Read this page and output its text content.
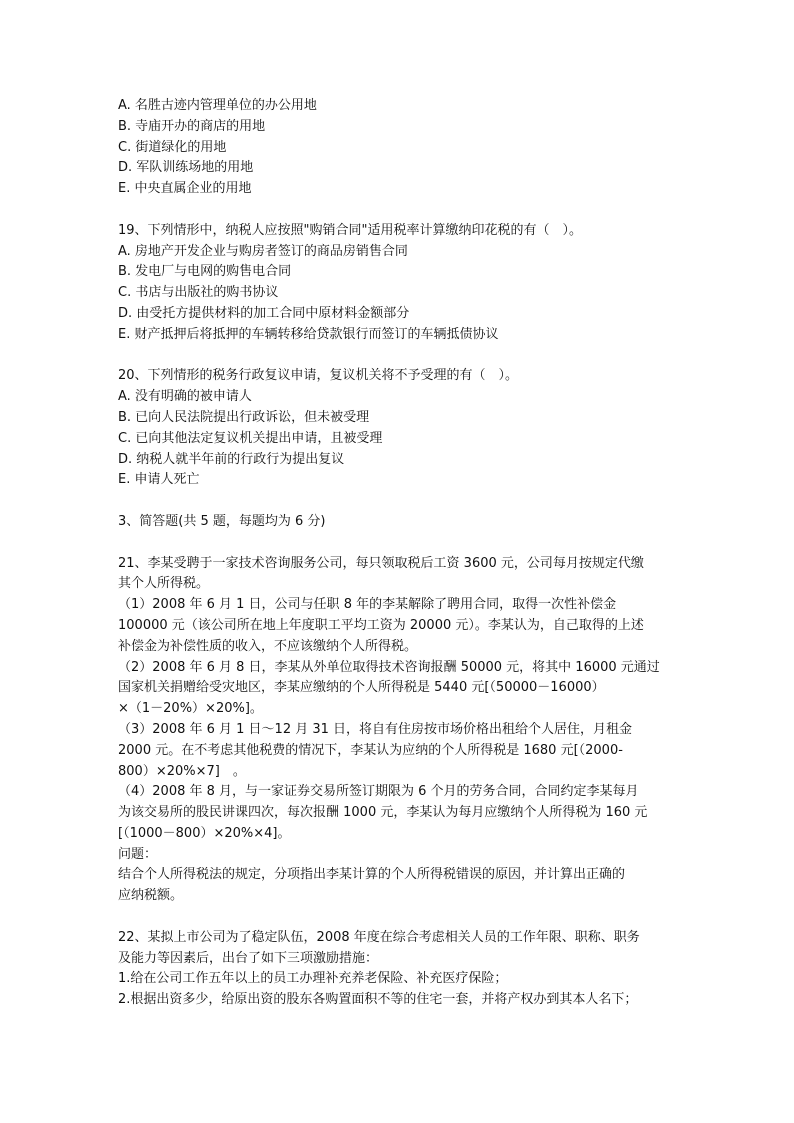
A. 名胜古迹内管理单位的办公用地
B. 寺庙开办的商店的用地
C. 街道绿化的用地
D. 军队训练场地的用地
E. 中央直属企业的用地
19、下列情形中，纳税人应按照"购销合同"适用税率计算缴纳印花税的有（　）。
A. 房地产开发企业与购房者签订的商品房销售合同
B. 发电厂与电网的购售电合同
C. 书店与出版社的购书协议
D. 由受托方提供材料的加工合同中原材料金额部分
E. 财产抵押后将抵押的车辆转移给贷款银行而签订的车辆抵债协议
20、下列情形的税务行政复议申请，复议机关将不予受理的有（　）。
A. 没有明确的被申请人
B. 已向人民法院提出行政诉讼，但未被受理
C. 已向其他法定复议机关提出申请，且被受理
D. 纳税人就半年前的行政行为提出复议
E. 申请人死亡
3、简答题(共 5 题，每题均为 6 分)
21、李某受聘于一家技术咨询服务公司，每只领取税后工资 3600 元，公司每月按规定代缴
其个人所得税。
（1）2008 年 6 月 1 日，公司与任职 8 年的李某解除了聘用合同，取得一次性补偿金
100000 元（该公司所在地上年度职工平均工资为 20000 元）。李某认为，自己取得的上述
补偿金为补偿性质的收入，不应该缴纳个人所得税。
（2）2008 年 6 月 8 日，李某从外单位取得技术咨询报酬 50000 元，将其中 16000 元通过
国家机关捐赠给受灾地区，李某应缴纳的个人所得税是 5440 元[（50000－16000）
×（1－20%）×20%]。
（3）2008 年 6 月 1 日～12 月 31 日，将自有住房按市场价格出租给个人居住，月租金
2000 元。在不考虑其他税费的情况下，李某认为应纳的个人所得税是 1680 元[（2000-
800）×20%×7]　。
（4）2008 年 8 月，与一家证券交易所签订期限为 6 个月的劳务合同，合同约定李某每月
为该交易所的股民讲课四次，每次报酬 1000 元，李某认为每月应缴纳个人所得税为 160 元
[（1000－800）×20%×4]。
问题：
结合个人所得税法的规定，分项指出李某计算的个人所得税错误的原因，并计算出正确的
应纳税额。
22、某拟上市公司为了稳定队伍，2008 年度在综合考虑相关人员的工作年限、职称、职务
及能力等因素后，出台了如下三项激励措施：
1.给在公司工作五年以上的员工办理补充养老保险、补充医疗保险；
2.根据出资多少，给原出资的股东各购置面积不等的住宅一套，并将产权办到其本人名下；
